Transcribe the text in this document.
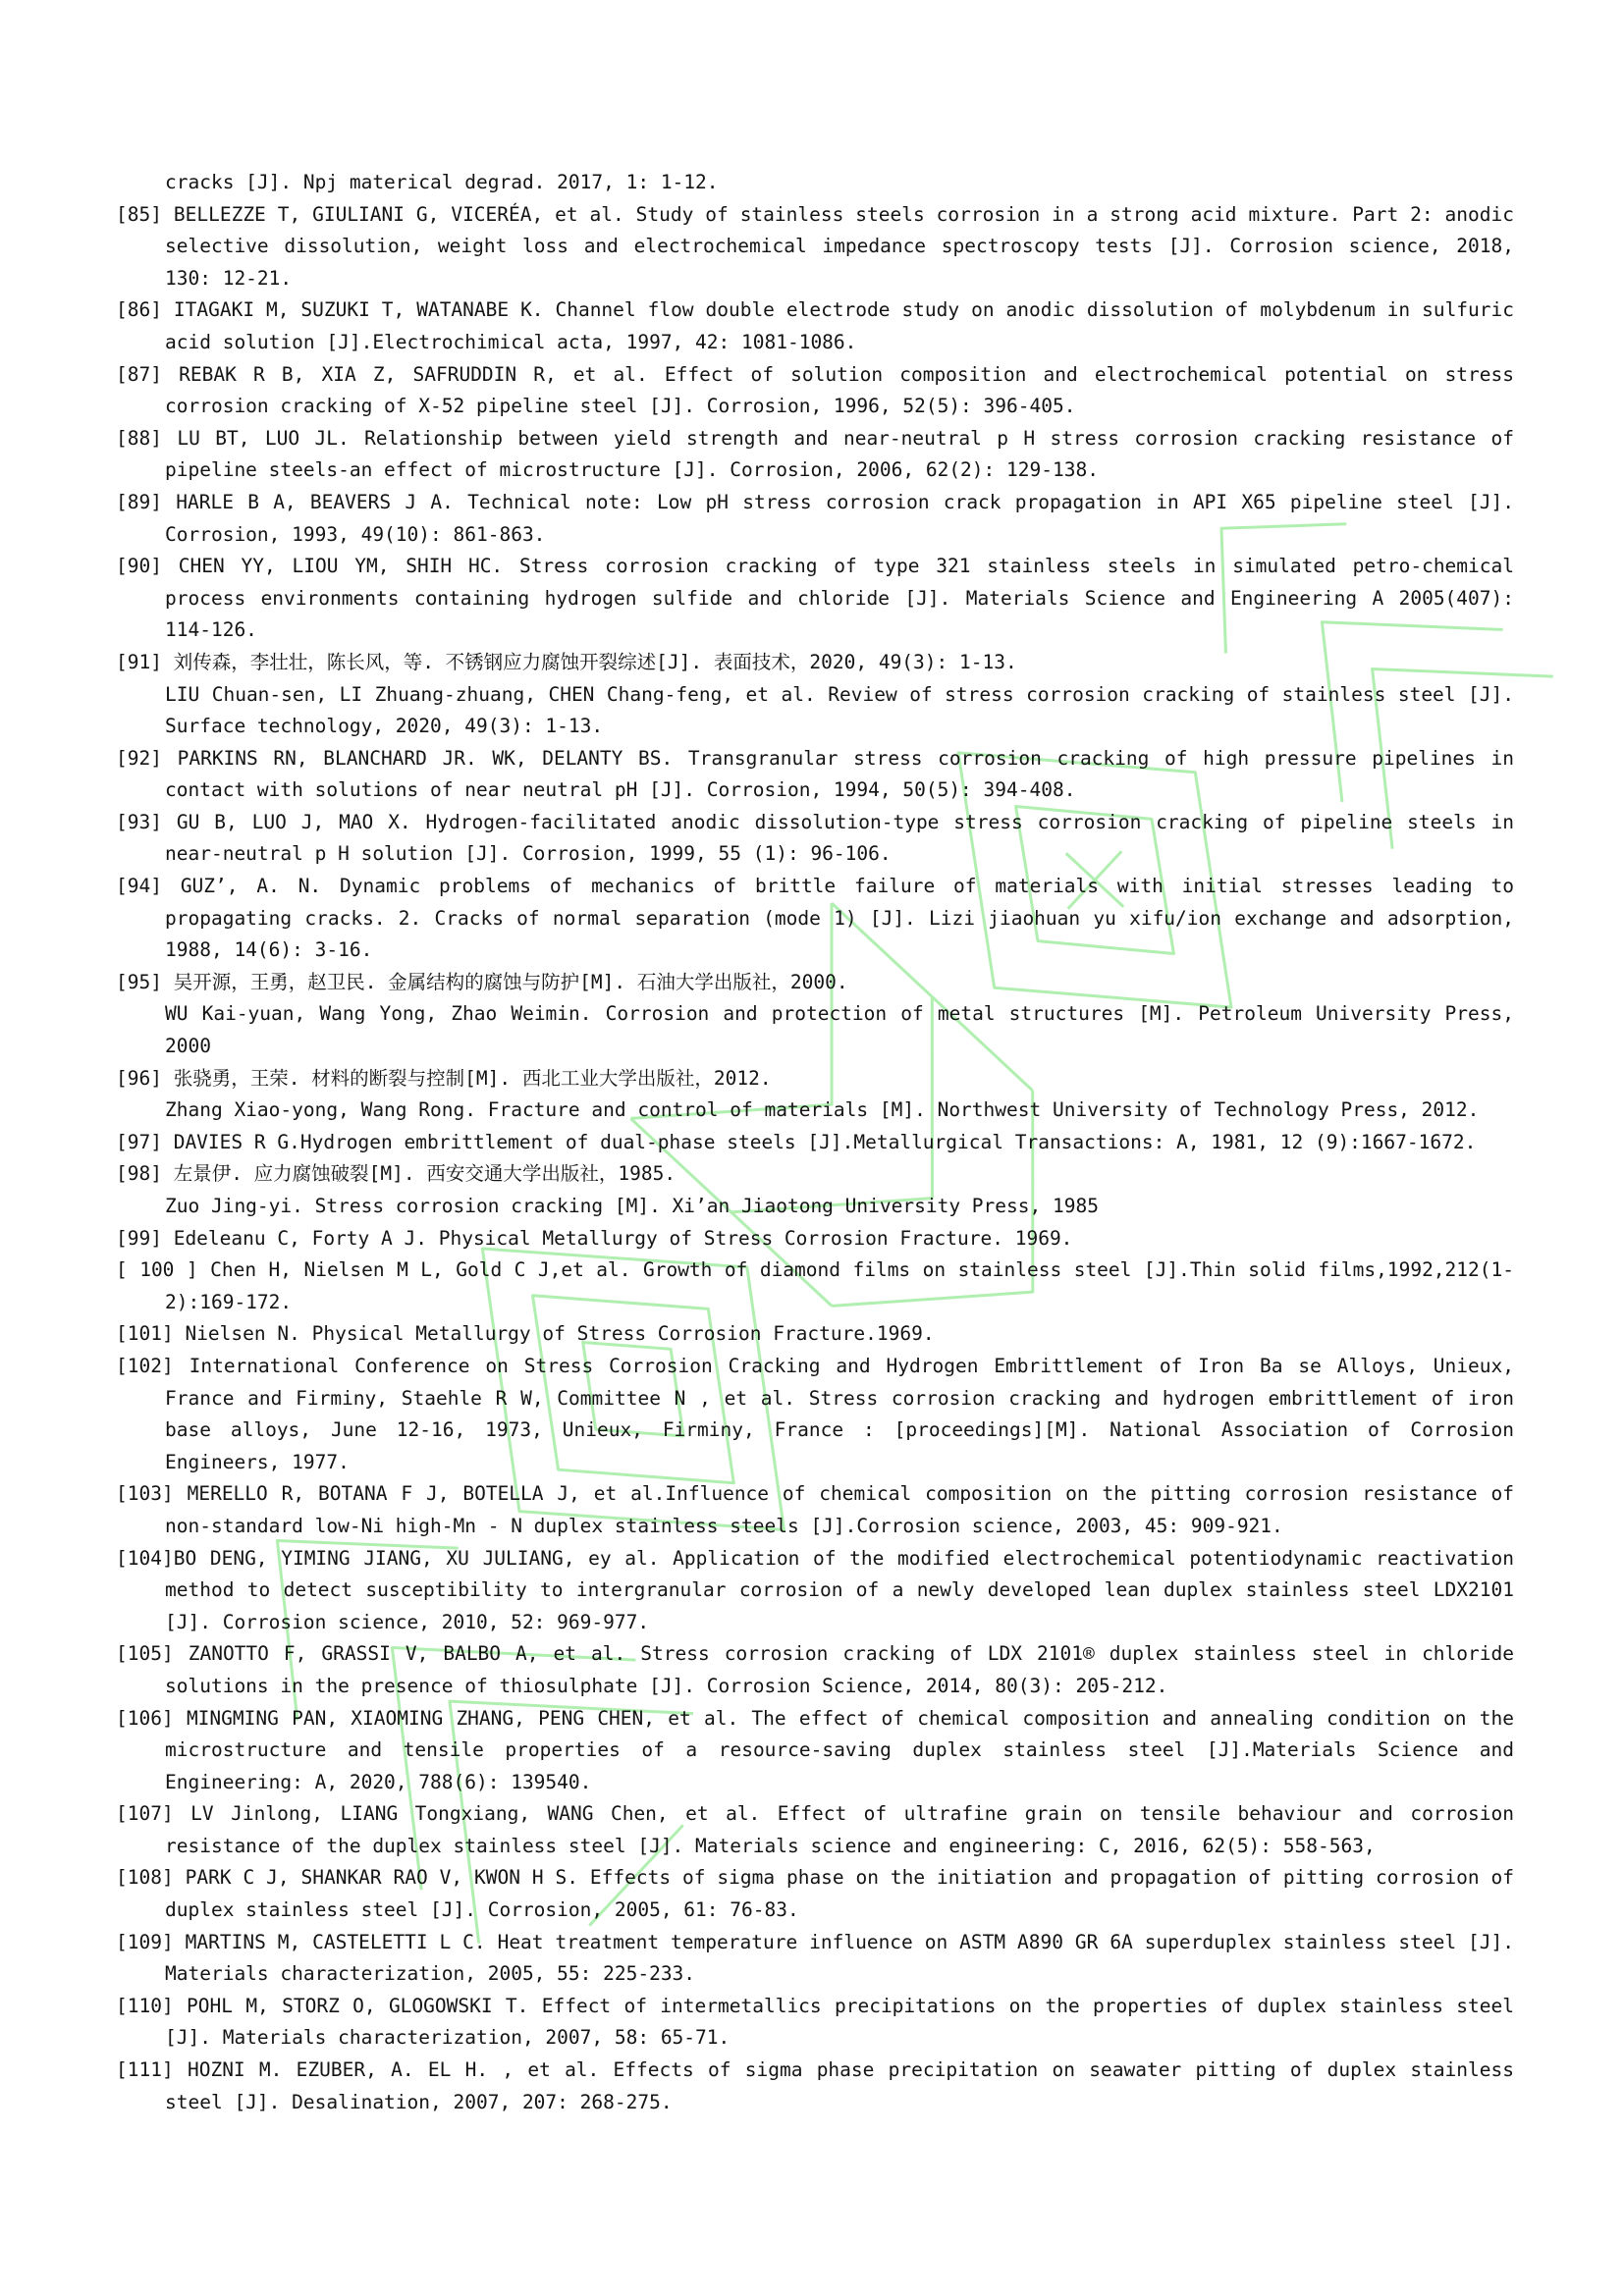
cracks [J]. Npj materical degrad. 2017, 1: 1-12.

[85] BELLEZZE T, GIULIANI G, VICERÉA, et al. Study of stainless steels corrosion in a strong acid mixture. Part 2: anodic selective dissolution, weight loss and electrochemical impedance spectroscopy tests [J]. Corrosion science, 2018, 130: 12-21.

[86] ITAGAKI M, SUZUKI T, WATANABE K. Channel flow double electrode study on anodic dissolution of molybdenum in sulfuric acid solution [J].Electrochimical acta, 1997, 42: 1081-1086.

[87] REBAK R B, XIA Z, SAFRUDDIN R, et al. Effect of solution composition and electrochemical potential on stress corrosion cracking of X-52 pipeline steel [J]. Corrosion, 1996, 52(5): 396-405.

[88] LU BT, LUO JL. Relationship between yield strength and near-neutral p H stress corrosion cracking resistance of pipeline steels-an effect of microstructure [J]. Corrosion, 2006, 62(2): 129-138.

[89] HARLE B A, BEAVERS J A. Technical note: Low pH stress corrosion crack propagation in API X65 pipeline steel [J]. Corrosion, 1993, 49(10): 861-863.

[90] CHEN YY, LIOU YM, SHIH HC. Stress corrosion cracking of type 321 stainless steels in simulated petro-chemical process environments containing hydrogen sulfide and chloride [J]. Materials Science and Engineering A 2005(407): 114-126.

[91] 刘传森，李壮壮，陈长风，等. 不锈钢应力腐蚀开裂综述[J]. 表面技术，2020, 49(3): 1-13.

LIU Chuan-sen, LI Zhuang-zhuang, CHEN Chang-feng, et al. Review of stress corrosion cracking of stainless steel [J]. Surface technology, 2020, 49(3): 1-13.

[92] PARKINS RN, BLANCHARD JR. WK, DELANTY BS. Transgranular stress corrosion cracking of high pressure pipelines in contact with solutions of near neutral pH [J]. Corrosion, 1994, 50(5): 394-408.

[93] GU B, LUO J, MAO X. Hydrogen-facilitated anodic dissolution-type stress corrosion cracking of pipeline steels in near-neutral p H solution [J]. Corrosion, 1999, 55 (1): 96-106.

[94] GUZ’, A. N. Dynamic problems of mechanics of brittle failure of materials with initial stresses leading to propagating cracks. 2. Cracks of normal separation (mode 1) [J]. Lizi jiaohuan yu xifu/ion exchange and adsorption, 1988, 14(6): 3-16.

[95] 吴开源，王勇，赵卫民. 金属结构的腐蚀与防护[M]. 石油大学出版社，2000.

WU Kai-yuan, Wang Yong, Zhao Weimin. Corrosion and protection of metal structures [M]. Petroleum University Press, 2000

[96] 张骁勇，王荣. 材料的断裂与控制[M]. 西北工业大学出版社，2012.

Zhang Xiao-yong, Wang Rong. Fracture and control of materials [M]. Northwest University of Technology Press, 2012.

[97] DAVIES R G.Hydrogen embrittlement of dual-phase steels [J].Metallurgical Transactions: A, 1981, 12 (9):1667-1672.

[98] 左景伊. 应力腐蚀破裂[M]. 西安交通大学出版社，1985.

Zuo Jing-yi. Stress corrosion cracking [M]. Xi’an Jiaotong University Press, 1985

[99] Edeleanu C, Forty A J. Physical Metallurgy of Stress Corrosion Fracture. 1969.

[ 100 ] Chen H, Nielsen M L, Gold C J,et al. Growth of diamond films on stainless steel [J].Thin solid films,1992,212(1-2):169-172.

[101] Nielsen N. Physical Metallurgy of Stress Corrosion Fracture.1969.

[102] International Conference on Stress Corrosion Cracking and Hydrogen Embrittlement of Iron Ba se Alloys, Unieux, France and Firminy, Staehle R W, Committee N , et al. Stress corrosion cracking and hydrogen embrittlement of iron base alloys, June 12-16, 1973, Unieux, Firminy, France : [proceedings][M]. National Association of Corrosion Engineers, 1977.

[103] MERELLO R, BOTANA F J, BOTELLA J, et al.Influence of chemical composition on the pitting corrosion resistance of non-standard low-Ni high-Mn - N duplex stainless steels [J].Corrosion science, 2003, 45: 909-921.

[104]BO DENG, YIMING JIANG, XU JULIANG, ey al. Application of the modified electrochemical potentiodynamic reactivation method to detect susceptibility to intergranular corrosion of a newly developed lean duplex stainless steel LDX2101 [J]. Corrosion science, 2010, 52: 969-977.

[105] ZANOTTO F, GRASSI V, BALBO A, et al. Stress corrosion cracking of LDX 2101® duplex stainless steel in chloride solutions in the presence of thiosulphate [J]. Corrosion Science, 2014, 80(3): 205-212.

[106] MINGMING PAN, XIAOMING ZHANG, PENG CHEN, et al. The effect of chemical composition and annealing condition on the microstructure and tensile properties of a resource-saving duplex stainless steel [J].Materials Science and Engineering: A, 2020, 788(6): 139540.

[107] LV Jinlong, LIANG Tongxiang, WANG Chen, et al. Effect of ultrafine grain on tensile behaviour and corrosion resistance of the duplex stainless steel [J]. Materials science and engineering: C, 2016, 62(5): 558-563,

[108] PARK C J, SHANKAR RAO V, KWON H S. Effects of sigma phase on the initiation and propagation of pitting corrosion of duplex stainless steel [J]. Corrosion, 2005, 61: 76-83.

[109] MARTINS M, CASTELETTI L C. Heat treatment temperature influence on ASTM A890 GR 6A superduplex stainless steel [J]. Materials characterization, 2005, 55: 225-233.

[110] POHL M, STORZ O, GLOGOWSKI T. Effect of intermetallics precipitations on the properties of duplex stainless steel [J]. Materials characterization, 2007, 58: 65-71.

[111] HOZNI M. EZUBER, A. EL H. , et al. Effects of sigma phase precipitation on seawater pitting of duplex stainless steel [J]. Desalination, 2007, 207: 268-275.
